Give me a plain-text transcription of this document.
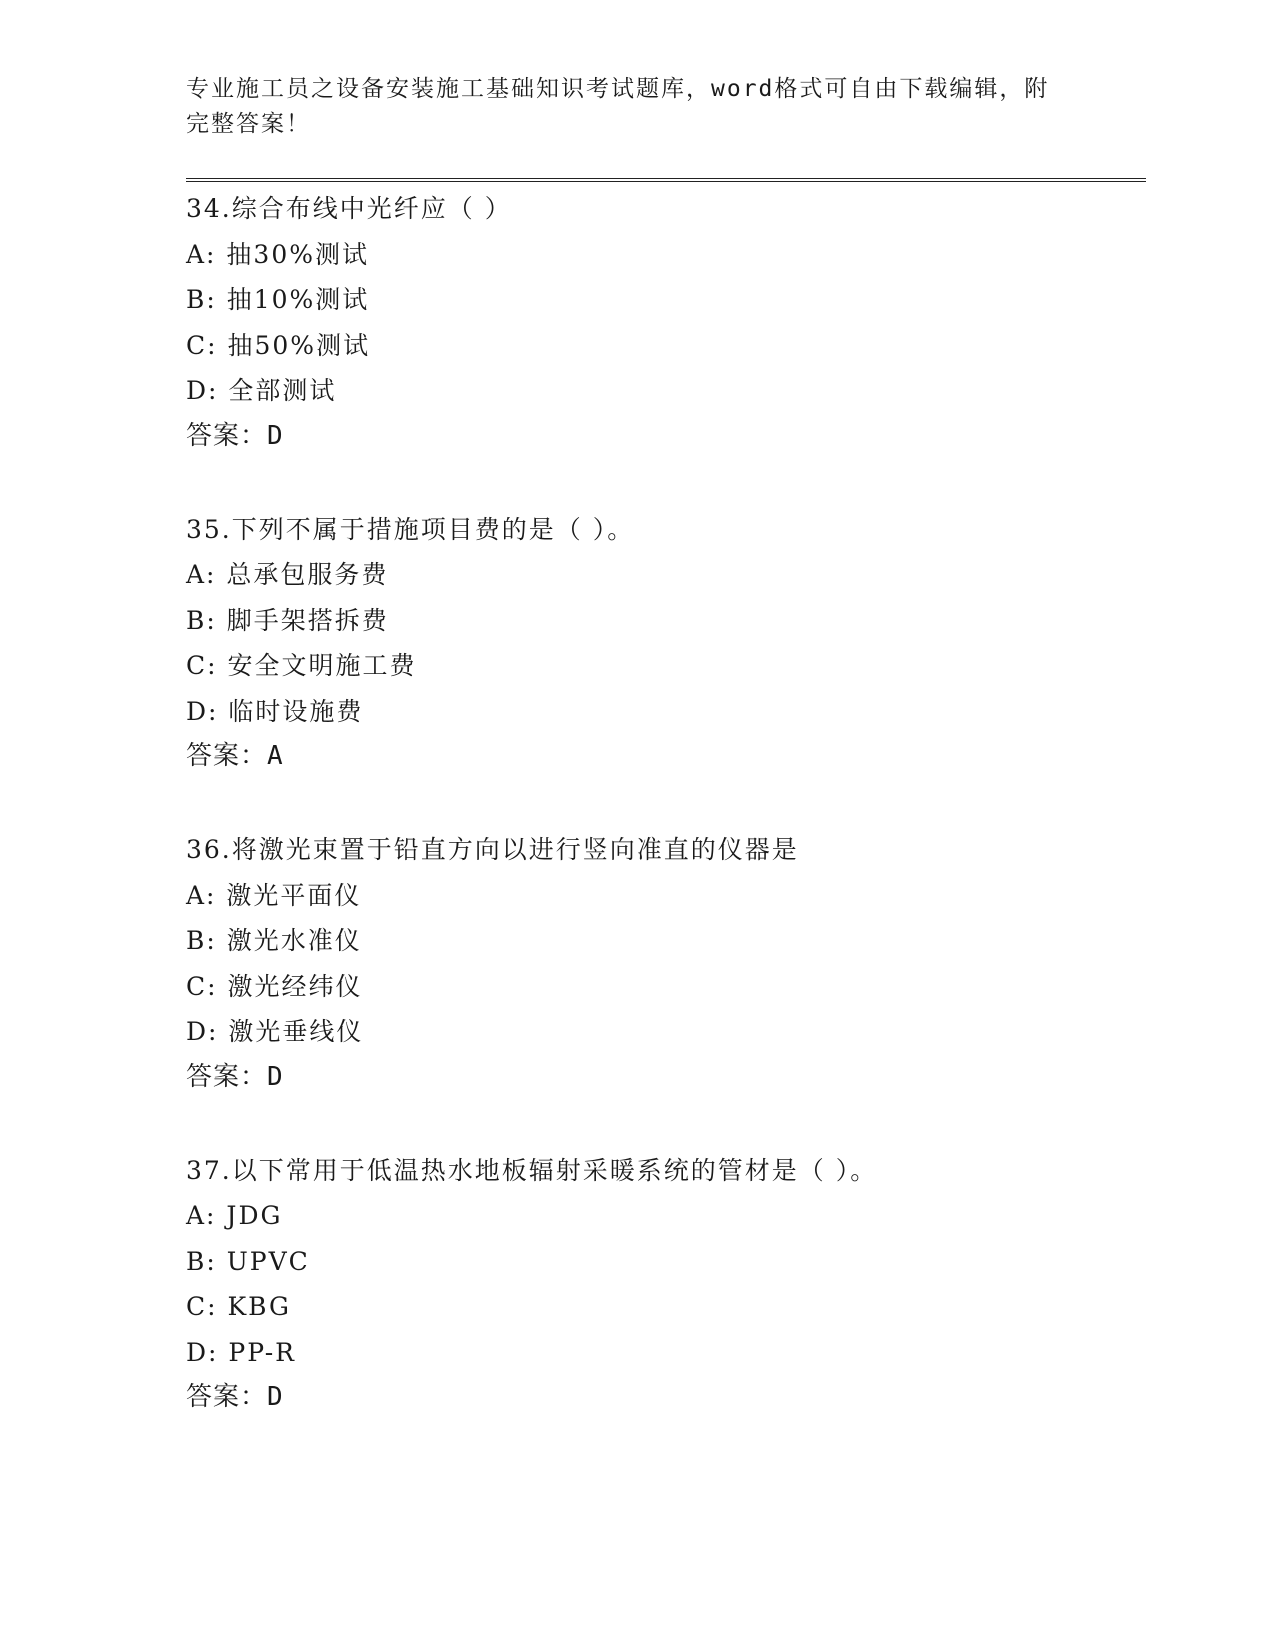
专业施工员之设备安装施工基础知识考试题库，word格式可自由下载编辑，附完整答案！

34.综合布线中光纤应（ ）
A: 抽30%测试
B: 抽10%测试
C: 抽50%测试
D: 全部测试
答案：D
35.下列不属于措施项目费的是（ ）。
A: 总承包服务费
B: 脚手架搭拆费
C: 安全文明施工费
D: 临时设施费
答案：A
36.将激光束置于铅直方向以进行竖向准直的仪器是
A: 激光平面仪
B: 激光水准仪
C: 激光经纬仪
D: 激光垂线仪
答案：D
37.以下常用于低温热水地板辐射采暖系统的管材是（ ）。
A: JDG
B: UPVC
C: KBG
D: PP-R
答案：D
